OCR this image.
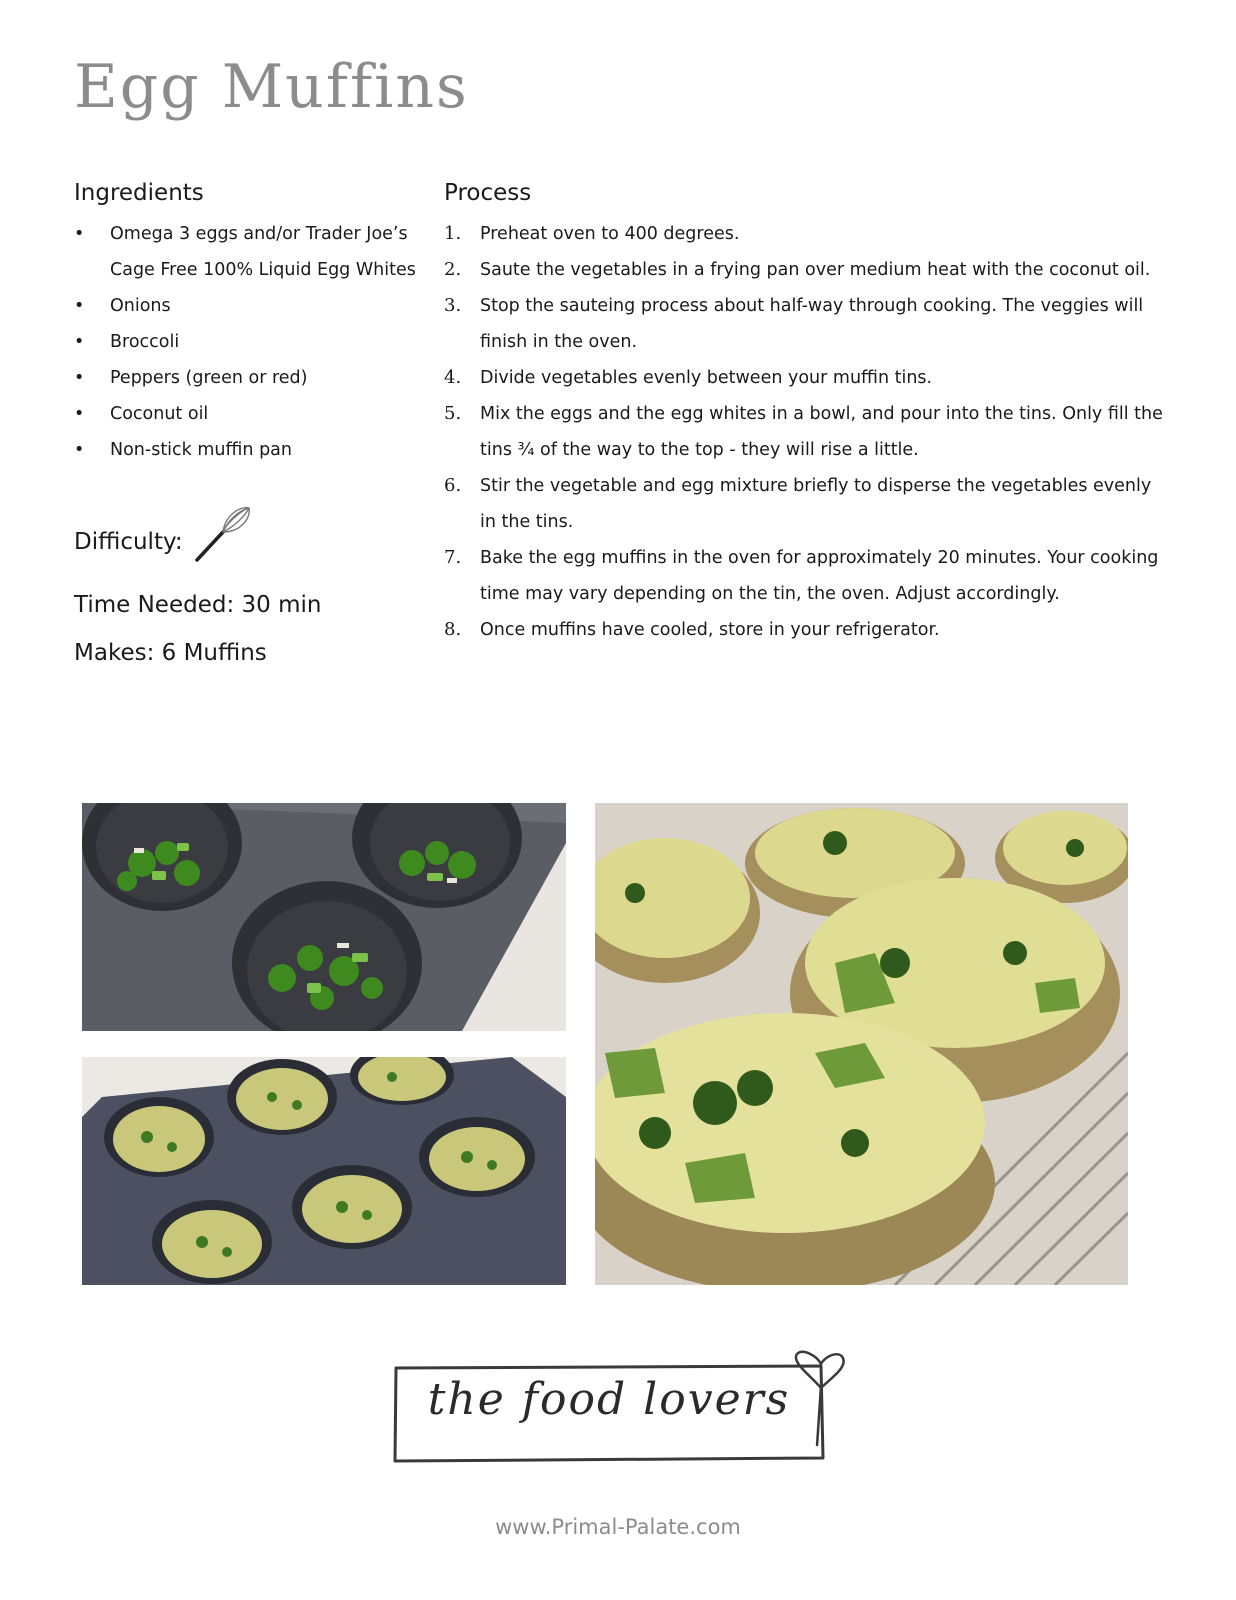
Egg Muffins
Ingredients
• Omega 3 eggs and/or Trader Joe’s Cage Free 100% Liquid Egg Whites
• Onions
• Broccoli
• Peppers (green or red)
• Coconut oil
• Non-stick muffin pan
Difficulty:
Time Needed: 30 min
Makes: 6 Muffins
Process
1. Preheat oven to 400 degrees.
2. Saute the vegetables in a frying pan over medium heat with the coconut oil.
3. Stop the sauteing process about half-way through cooking. The veggies will finish in the oven.
4. Divide vegetables evenly between your muffin tins.
5. Mix the eggs and the egg whites in a bowl, and pour into the tins. Only fill the tins ¾ of the way to the top - they will rise a little.
6. Stir the vegetable and egg mixture briefly to disperse the vegetables evenly in the tins.
7. Bake the egg muffins in the oven for approximately 20 minutes. Your cooking time may vary depending on the tin, the oven. Adjust accordingly.
8. Once muffins have cooled, store in your refrigerator.
the food lovers
www.Primal-Palate.com
